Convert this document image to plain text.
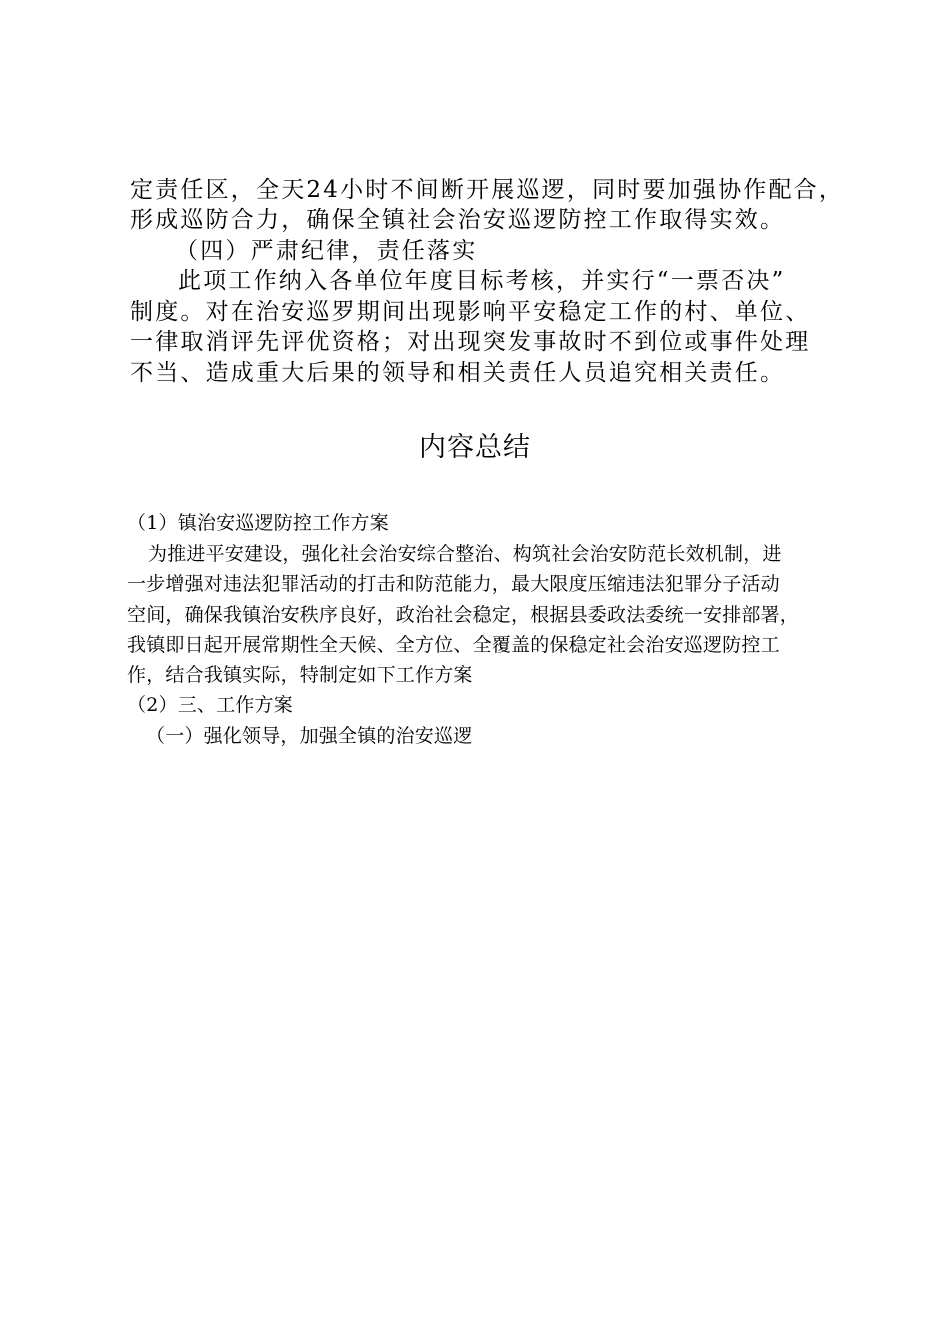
定责任区，全天24小时不间断开展巡逻，同时要加强协作配合，
形成巡防合力，确保全镇社会治安巡逻防控工作取得实效。
（四）严肃纪律，责任落实
此项工作纳入各单位年度目标考核，并实行“一票否决”
制度。对在治安巡罗期间出现影响平安稳定工作的村、单位、
一律取消评先评优资格；对出现突发事故时不到位或事件处理
不当、造成重大后果的领导和相关责任人员追究相关责任。
内容总结
（1）镇治安巡逻防控工作方案
为推进平安建设，强化社会治安综合整治、构筑社会治安防范长效机制，进
一步增强对违法犯罪活动的打击和防范能力，最大限度压缩违法犯罪分子活动
空间，确保我镇治安秩序良好，政治社会稳定，根据县委政法委统一安排部署，
我镇即日起开展常期性全天候、全方位、全覆盖的保稳定社会治安巡逻防控工
作，结合我镇实际，特制定如下工作方案
（2）三、工作方案
（一）强化领导，加强全镇的治安巡逻
